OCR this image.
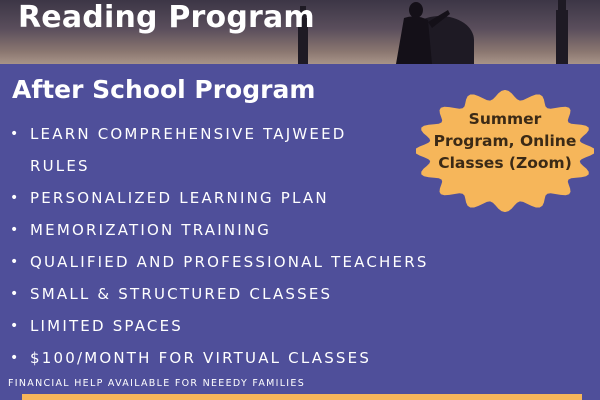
Reading Program
After School Program
• LEARN COMPREHENSIVE TAJWEED
RULES
• PERSONALIZED LEARNING PLAN
• MEMORIZATION TRAINING
• QUALIFIED AND PROFESSIONAL TEACHERS
• SMALL & STRUCTURED CLASSES
• LIMITED SPACES
• $100/MONTH FOR VIRTUAL CLASSES
Summer
Program, Online
Classes (Zoom)
FINANCIAL HELP AVAILABLE FOR NEEEDY FAMILIES
